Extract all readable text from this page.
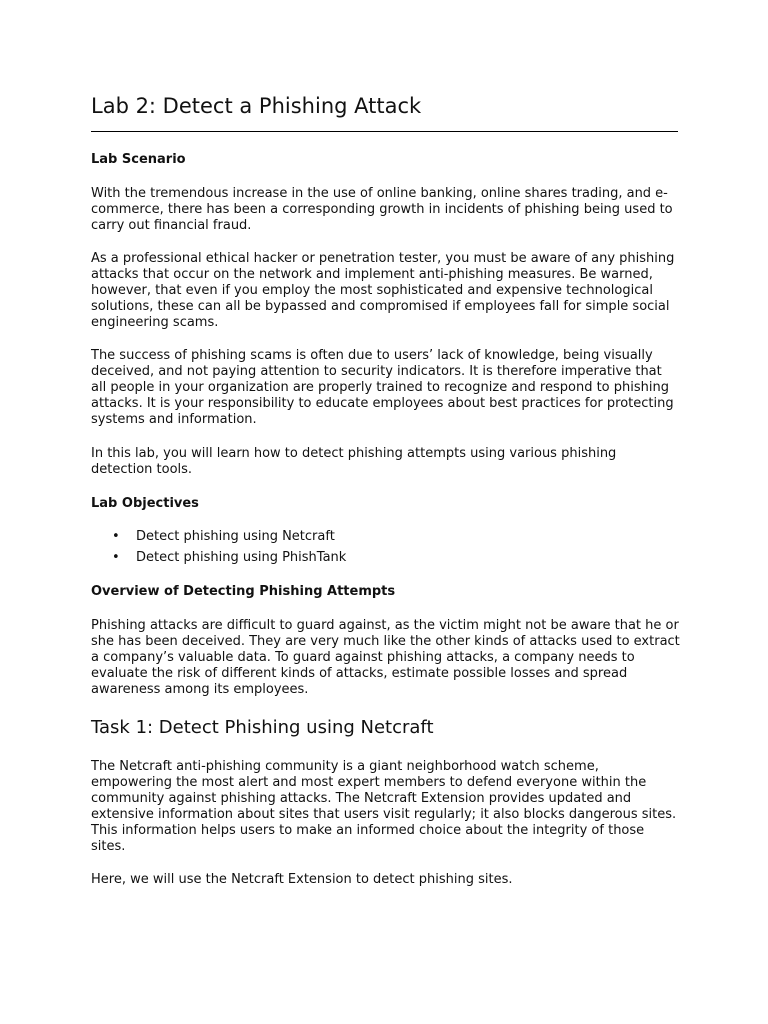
Lab 2: Detect a Phishing Attack

Lab Scenario

With the tremendous increase in the use of online banking, online shares trading, and e-commerce, there has been a corresponding growth in incidents of phishing being used to carry out financial fraud.

As a professional ethical hacker or penetration tester, you must be aware of any phishing attacks that occur on the network and implement anti-phishing measures. Be warned, however, that even if you employ the most sophisticated and expensive technological solutions, these can all be bypassed and compromised if employees fall for simple social engineering scams.

The success of phishing scams is often due to users’ lack of knowledge, being visually deceived, and not paying attention to security indicators. It is therefore imperative that all people in your organization are properly trained to recognize and respond to phishing attacks. It is your responsibility to educate employees about best practices for protecting systems and information.

In this lab, you will learn how to detect phishing attempts using various phishing detection tools.

Lab Objectives

• Detect phishing using Netcraft
• Detect phishing using PhishTank

Overview of Detecting Phishing Attempts

Phishing attacks are difficult to guard against, as the victim might not be aware that he or she has been deceived. They are very much like the other kinds of attacks used to extract a company’s valuable data. To guard against phishing attacks, a company needs to evaluate the risk of different kinds of attacks, estimate possible losses and spread awareness among its employees.

Task 1: Detect Phishing using Netcraft

The Netcraft anti-phishing community is a giant neighborhood watch scheme, empowering the most alert and most expert members to defend everyone within the community against phishing attacks. The Netcraft Extension provides updated and extensive information about sites that users visit regularly; it also blocks dangerous sites. This information helps users to make an informed choice about the integrity of those sites.

Here, we will use the Netcraft Extension to detect phishing sites.
